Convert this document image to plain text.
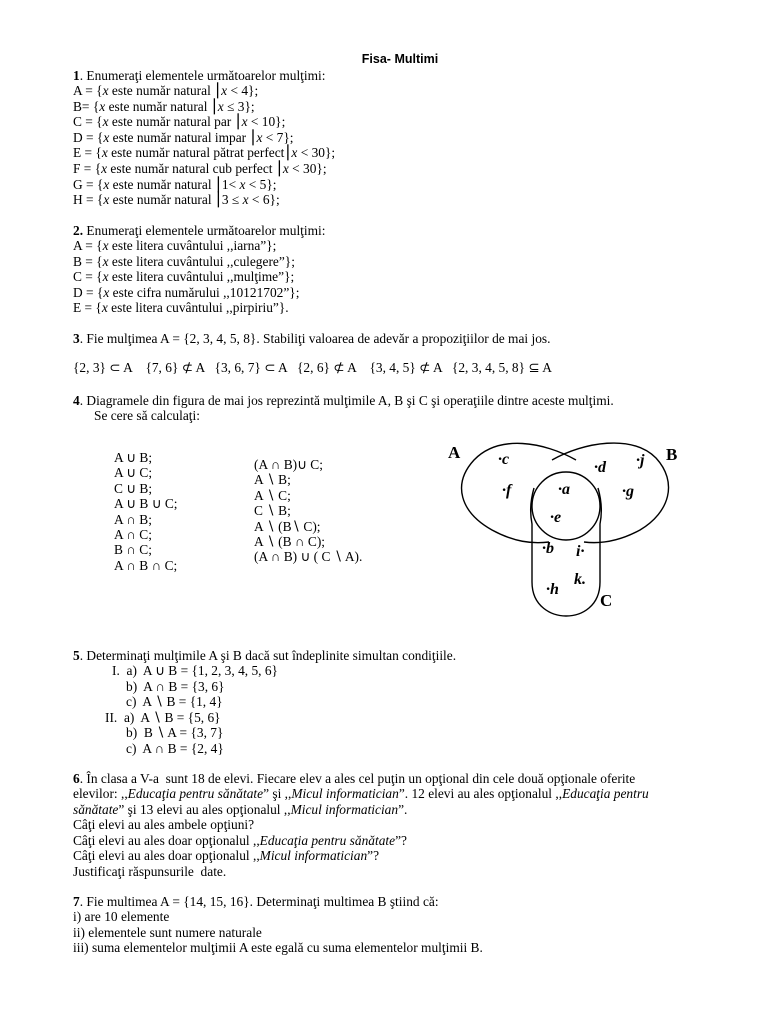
Fisa- Multimi
1. Enumeraţi elementele următoarelor mulţimi:
A = {x este număr natural ⎮x < 4};
B= {x este număr natural ⎮x ≤ 3};
C = {x este număr natural par ⎮x < 10};
D = {x este număr natural impar ⎮x < 7};
E = {x este număr natural pătrat perfect⎮x < 30};
F = {x este număr natural cub perfect ⎮x < 30};
G = {x este număr natural ⎮1< x < 5};
H = {x este număr natural ⎮3 ≤ x < 6};
2. Enumeraţi elementele următoarelor mulţimi:
A = {x este litera cuvântului ,,iarna”};
B = {x este litera cuvântului ,,culegere”};
C = {x este litera cuvântului ,,mulţime”};
D = {x este cifra numărului ,,10121702”};
E = {x este litera cuvântului ,,pirpiriu”}.
3. Fie mulţimea A = {2, 3, 4, 5, 8}. Stabiliţi valoarea de adevăr a propoziţiilor de mai jos.
{2, 3} ⊂ A    {7, 6} ⊄ A   {3, 6, 7} ⊂ A   {2, 6} ⊄ A    {3, 4, 5} ⊄ A   {2, 3, 4, 5, 8} ⊆ A
4. Diagramele din figura de mai jos reprezintă mulţimile A, B şi C şi operaţiile dintre aceste mulţimi.
Se cere să calculaţi:
A ∪ B;
A ∪ C;
C ∪ B;
A ∪ B ∪ C;
A ∩ B;
A ∩ C;
B ∩ C;
A ∩ B ∩ C;
(A ∩ B)∪ C;
A ∖ B;
A ∖ C;
C ∖ B;
A ∖ (B∖ C);
A ∖ (B ∩ C);
(A ∩ B) ∪ ( C ∖ A).
A	B
C
·c
·f
·d ·j
·g
·a
·e
·b i·
k.
·h
5. Determinaţi mulţimile A şi B dacă sut îndeplinite simultan condiţiile.
I.  a)  A ∪ B = {1, 2, 3, 4, 5, 6}
b)  A ∩ B = {3, 6}
c)  A ∖ B = {1, 4}
II.  a)  A ∖ B = {5, 6}
b)  B ∖ A = {3, 7}
c)  A ∩ B = {2, 4}
6. În clasa a V-a  sunt 18 de elevi. Fiecare elev a ales cel puţin un opţional din cele două opţionale oferite
elevilor: ,,Educaţia pentru sănătate” şi ,,Micul informatician”. 12 elevi au ales opţionalul ,,Educaţia pentru
sănătate” şi 13 elevi au ales opţionalul ,,Micul informatician”.
Câţi elevi au ales ambele opţiuni?
Câţi elevi au ales doar opţionalul ,,Educaţia pentru sănătate”?
Câţi elevi au ales doar opţionalul ,,Micul informatician”?
Justificaţi răspunsurile  date.
7. Fie multimea A = {14, 15, 16}. Determinaţi multimea B ştiind că:
i) are 10 elemente
ii) elementele sunt numere naturale
iii) suma elementelor mulţimii A este egală cu suma elementelor mulţimii B.
